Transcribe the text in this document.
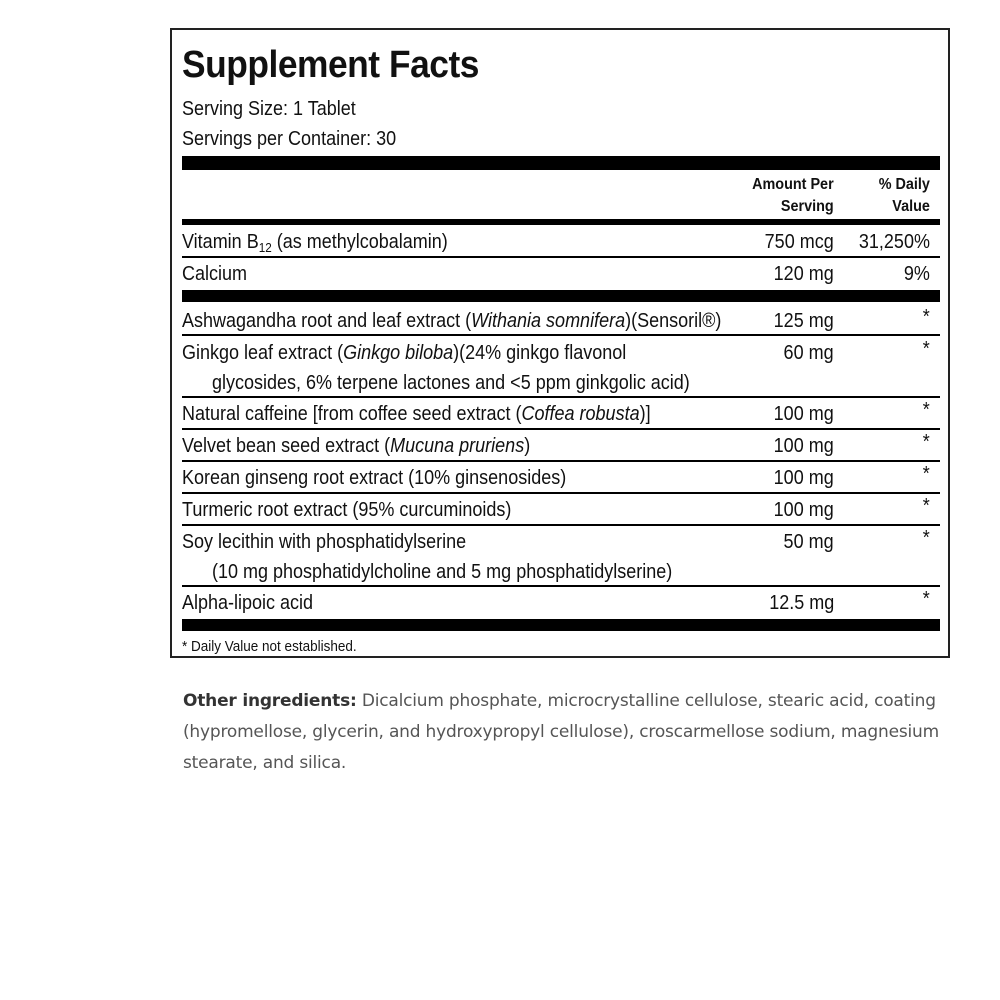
Supplement Facts
Serving Size: 1 Tablet
Servings per Container: 30
Amount Per
Serving
% Daily
Value
Vitamin $B_{12}$ (as methylcobalamin)	750 mcg 31,250%
Calcium	120 mg	9%
Ashwagandha root and leaf extract (Withania somnifera)(Sensoril®)	125 mg	*
Ginkgo leaf extract (Ginkgo biloba)(24% ginkgo flavonol
glycosides, 6% terpene lactones and <5 ppm ginkgolic acid)
60 mg	*
Natural caffeine [from coffee seed extract (Coffea robusta)]	100 mg	*
Velvet bean seed extract (Mucuna pruriens)	100 mg	*
Korean ginseng root extract (10% ginsenosides)	100 mg	*
Turmeric root extract (95% curcuminoids)	100 mg	*
Soy lecithin with phosphatidylserine
(10 mg phosphatidylcholine and 5 mg phosphatidylserine)
50 mg	*
Alpha-lipoic acid	12.5 mg	*
* Daily Value not established.
Other ingredients: Dicalcium phosphate, microcrystalline cellulose, stearic acid, coating (hypromellose, glycerin, and hydroxypropyl cellulose), croscarmellose sodium, magnesium stearate, and silica.
